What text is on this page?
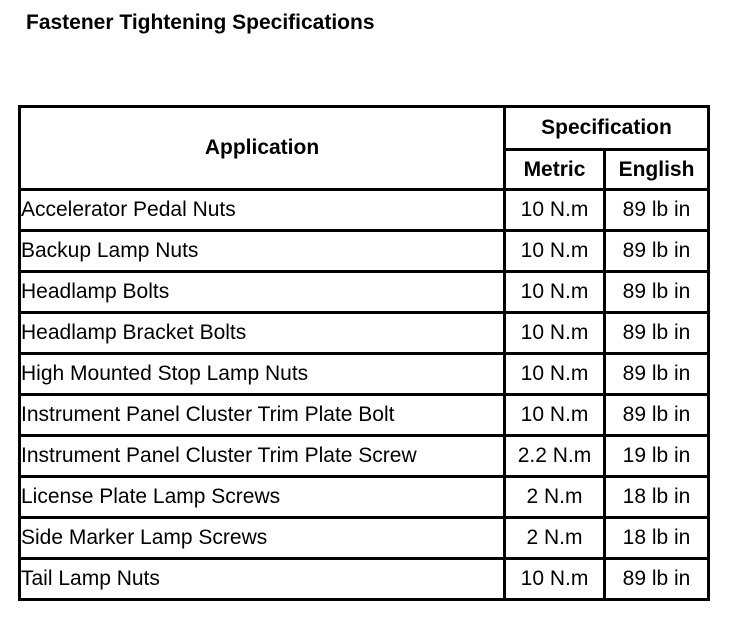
Fastener Tightening Specifications
Application	Specification	
	Metric	English
Accelerator Pedal Nuts	10 N.m	89 lb in
Backup Lamp Nuts	10 N.m	89 lb in
Headlamp Bolts	10 N.m	89 lb in
Headlamp Bracket Bolts	10 N.m	89 lb in
High Mounted Stop Lamp Nuts	10 N.m	89 lb in
Instrument Panel Cluster Trim Plate Bolt	10 N.m	89 lb in
Instrument Panel Cluster Trim Plate Screw	2.2 N.m	19 lb in
License Plate Lamp Screws	2 N.m	18 lb in
Side Marker Lamp Screws	2 N.m	18 lb in
Tail Lamp Nuts	10 N.m	89 lb in
